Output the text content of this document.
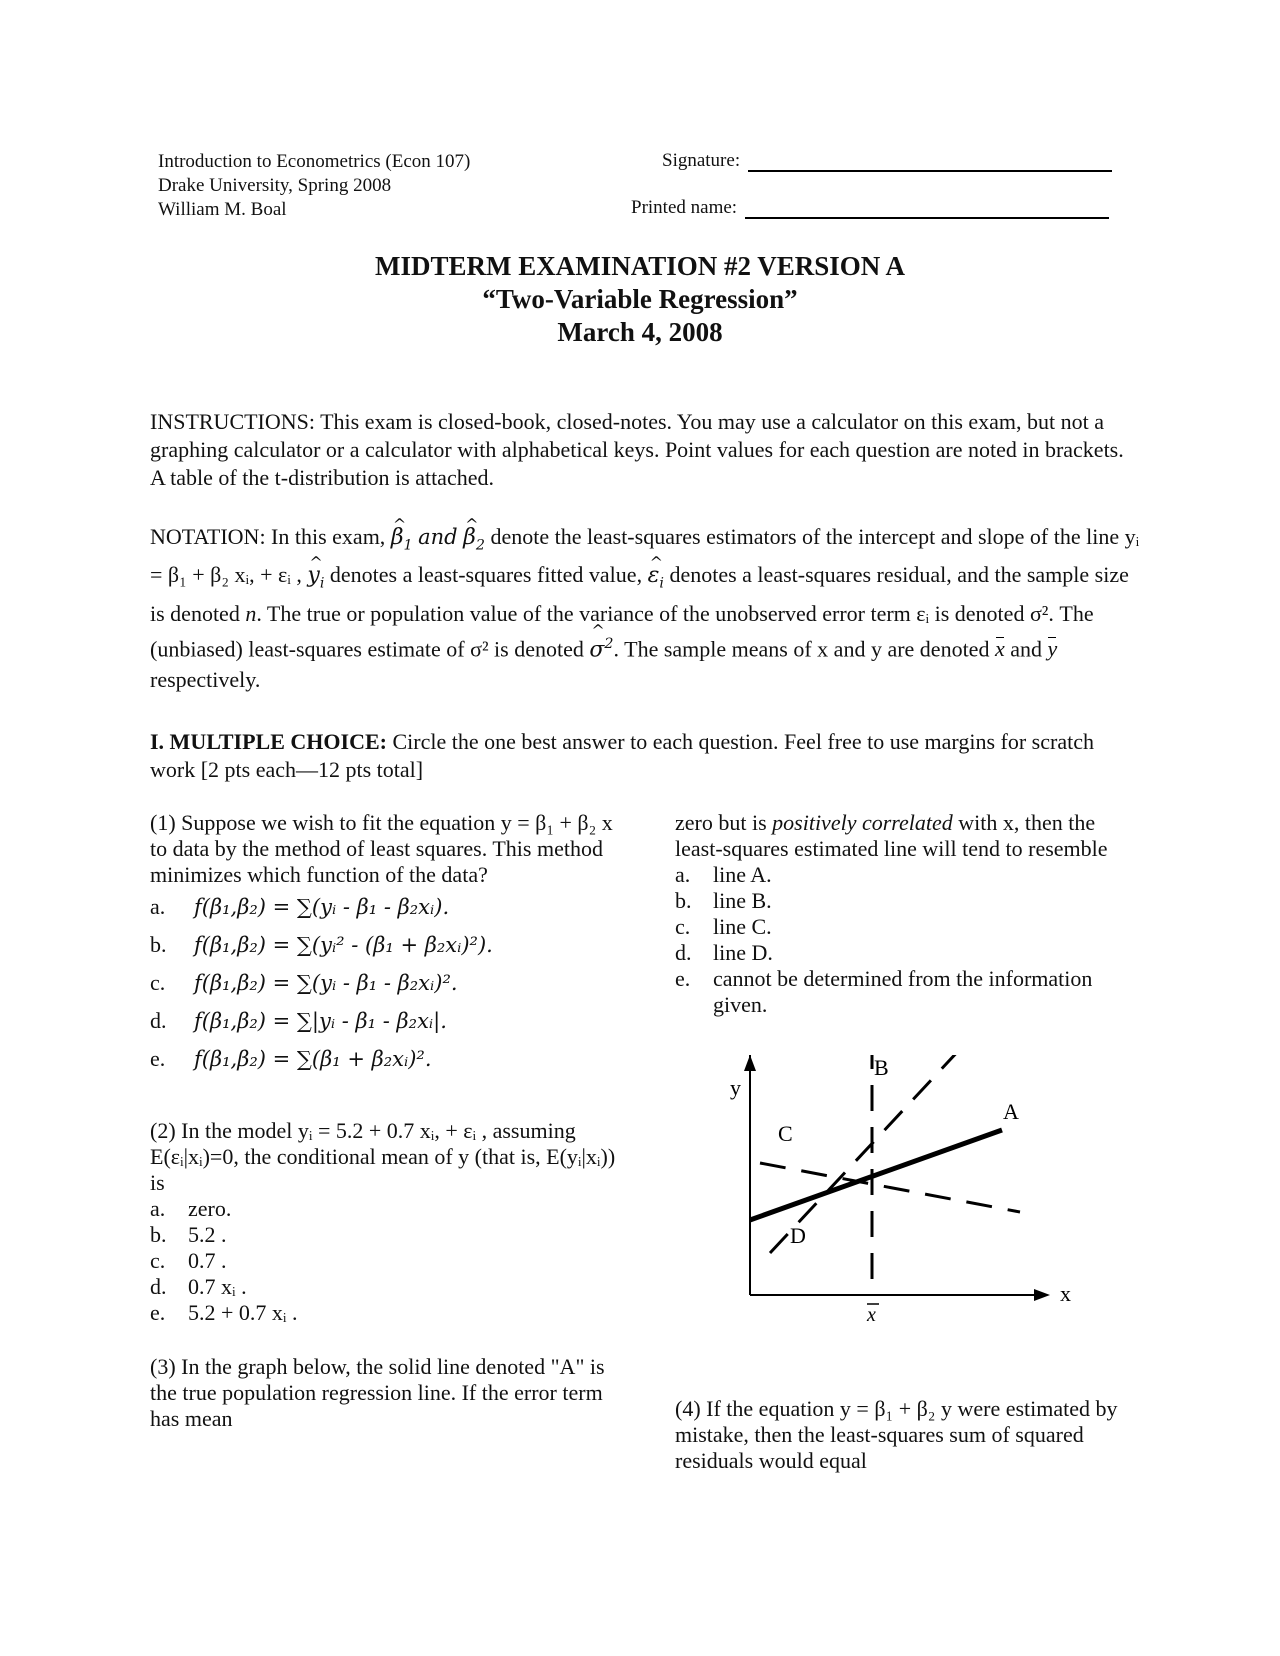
Introduction to Econometrics (Econ 107)
Drake University, Spring 2008
William M. Boal
Signature:
Printed name:
MIDTERM EXAMINATION #2 VERSION A
“Two-Variable Regression”
March 4, 2008
INSTRUCTIONS: This exam is closed-book, closed-notes. You may use a calculator on this exam, but not a graphing calculator or a calculator with alphabetical keys. Point values for each question are noted in brackets. A table of the t-distribution is attached.
NOTATION: In this exam, ^ $\beta_1$ and ^ $\beta_2$ denote the least-squares estimators of the intercept and slope of the line yᵢ = β₁ + β₂ xᵢ, + εᵢ , ^ $y_i$ denotes a least-squares fitted value, ^ $\varepsilon_i$ denotes a least-squares residual, and the sample size is denoted n. The true or population value of the variance of the unobserved error term εᵢ is denoted σ². The (unbiased) least-squares estimate of σ² is denoted ^ $\sigma^2$. The sample means of x and y are denoted x and y respectively.
I. MULTIPLE CHOICE: Circle the one best answer to each question. Feel free to use margins for scratch work [2 pts each—12 pts total]

(1) Suppose we wish to fit the equation y = β₁ + β₂ x to data by the method of least squares. This method minimizes which function of the data?

a.	f(β₁,β₂) = ∑(yᵢ - β₁ - β₂xᵢ).
b.	f(β₁,β₂) = ∑(yᵢ² - (β₁ + β₂xᵢ)²).
c.	f(β₁,β₂) = ∑(yᵢ - β₁ - β₂xᵢ)².
d.	f(β₁,β₂) = ∑|yᵢ - β₁ - β₂xᵢ|.
e.	f(β₁,β₂) = ∑(β₁ + β₂xᵢ)².

(2) In the model yᵢ = 5.2 + 0.7 xᵢ, + εᵢ , assuming E(εᵢ|xᵢ)=0, the conditional mean of y (that is, E(yᵢ|xᵢ)) is

a.	zero.
b. 5.2 .
c.	0.7 .
d. 0.7 xᵢ .
e.	5.2 + 0.7 xᵢ .

(3) In the graph below, the solid line denoted "A" is the true population regression line. If the error term has mean

zero but is positively correlated with x, then the least-squares estimated line will tend to resemble

a.	line A.
b. line B.
c.	line C.
d. line D.
e.	cannot be determined from the information given.
y
x
x
B
A
C
D

(4) If the equation y = β₁ + β₂ y were estimated by mistake, then the least-squares sum of squared residuals would equal
